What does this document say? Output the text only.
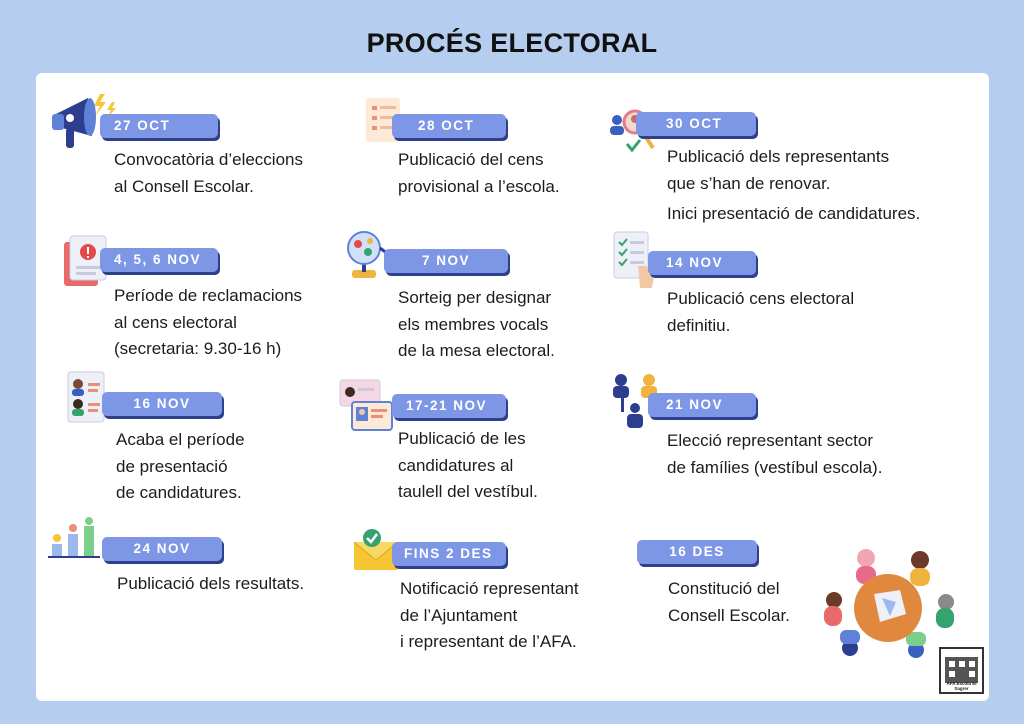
PROCÉS ELECTORAL
27 OCT

Convocatòria d’eleccions

al Consell Escolar.

28 OCT

Publicació del cens

provisional a l’escola.

30 OCT

Publicació dels representants

que s’han de renovar.

Inici presentació de candidatures.

4, 5, 6 NOV

Període de reclamacions

al cens electoral

(secretaria: 9.30-16 h)

7 NOV

Sorteig per designar

els membres vocals

de la mesa electoral.

14 NOV

Publicació cens electoral

definitiu.

16 NOV

Acaba el període

de presentació

de candidatures.

17-21 NOV

Publicació de les

candidatures al

taulell del vestíbul.

21 NOV

Elecció representant sector

de famílies (vestíbul escola).

24 NOV

Publicació dels resultats.

FINS 2 DES

Notificació representant

de l’Ajuntament

i representant de l’AFA.

16 DES

Constitució del

Consell Escolar.

AFA Escola El Sagrer
